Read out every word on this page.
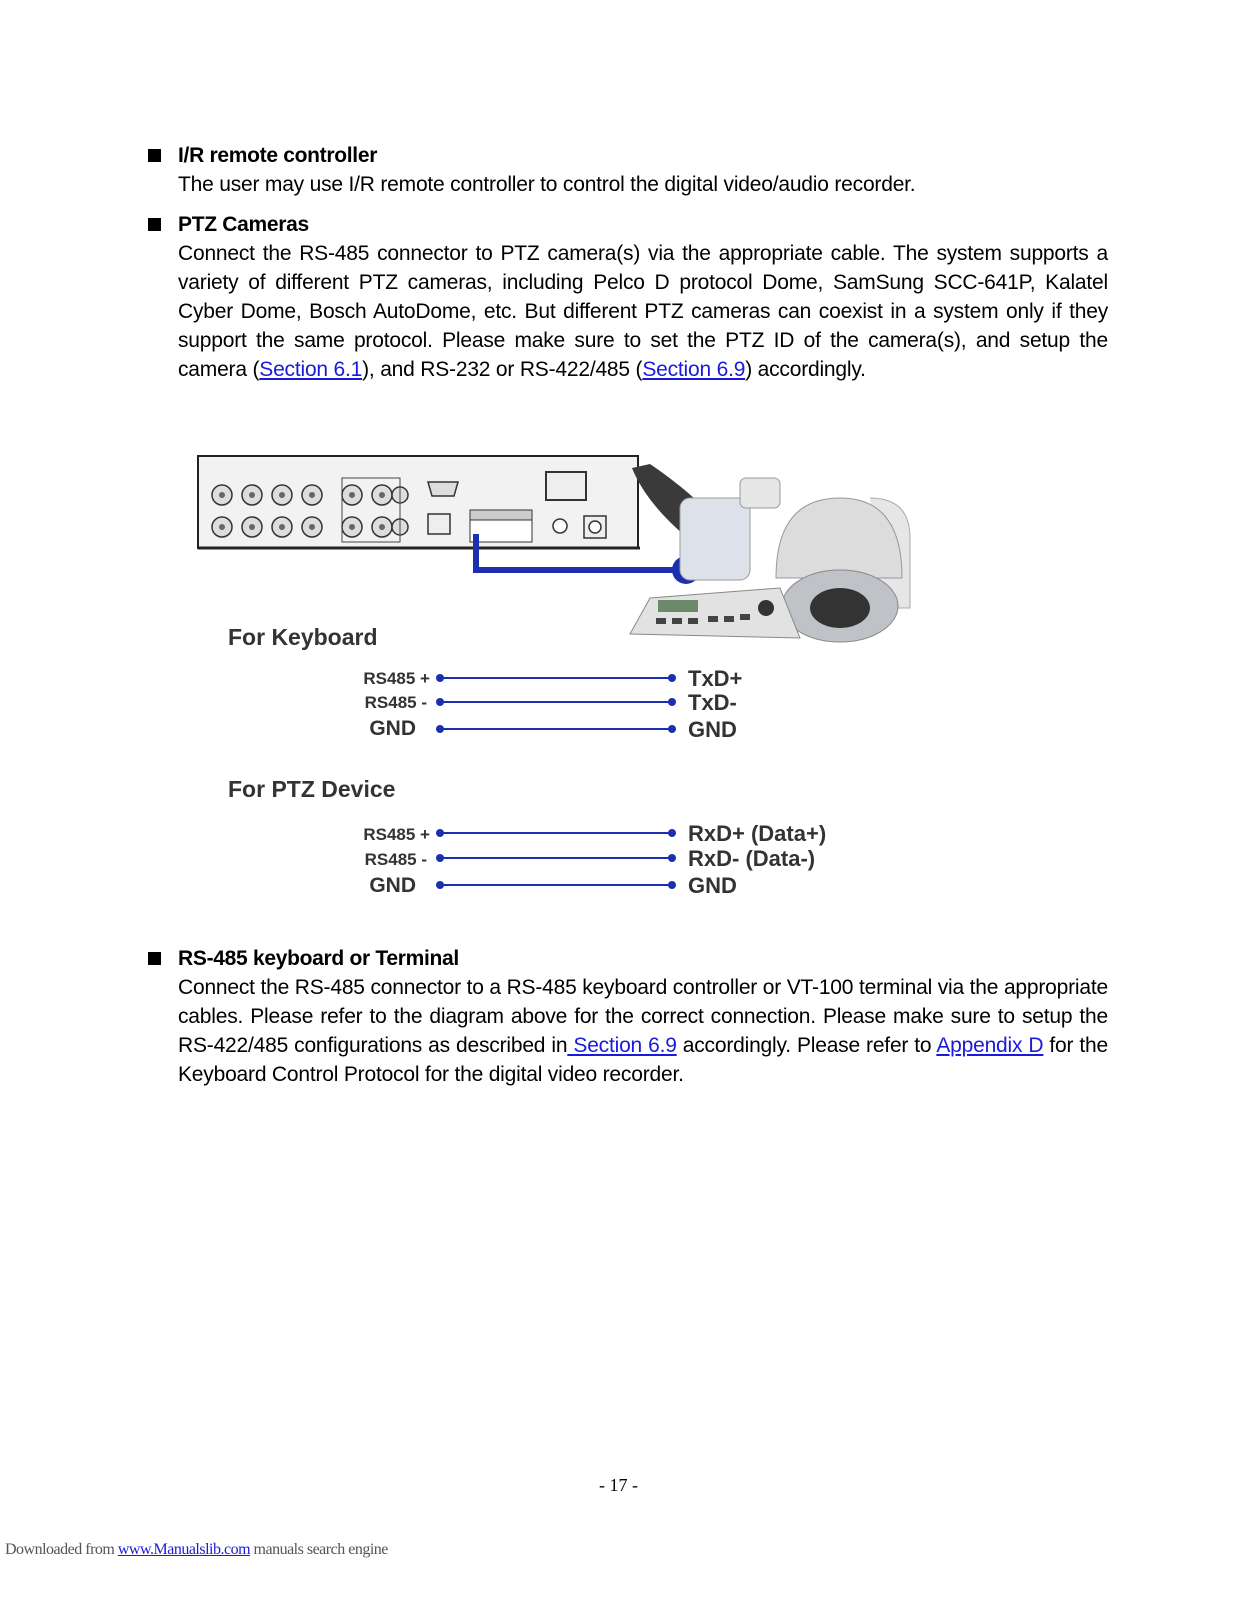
I/R remote controller
The user may use I/R remote controller to control the digital video/audio recorder.
PTZ Cameras
Connect the RS-485 connector to PTZ camera(s) via the appropriate cable. The system supports a variety of different PTZ cameras, including Pelco D protocol Dome, SamSung SCC-641P, Kalatel Cyber Dome, Bosch AutoDome, etc. But different PTZ cameras can coexist in a system only if they support the same protocol. Please make sure to set the PTZ ID of the camera(s), and setup the camera (Section 6.1), and RS-232 or RS-422/485 (Section 6.9) accordingly.
For Keyboard
RS485 +
RS485 -
GND
TxD+
TxD-
GND
For PTZ Device
RS485 +
RS485 -
GND
RxD+ (Data+)
RxD- (Data-)
GND
RS-485 keyboard or Terminal
Connect the RS-485 connector to a RS-485 keyboard controller or VT-100 terminal via the appropriate cables. Please refer to the diagram above for the correct connection. Please make sure to setup the RS-422/485 configurations as described in Section 6.9 accordingly. Please refer to Appendix D for the Keyboard Control Protocol for the digital video recorder.
- 17 -
Downloaded from www.Manualslib.com manuals search engine
